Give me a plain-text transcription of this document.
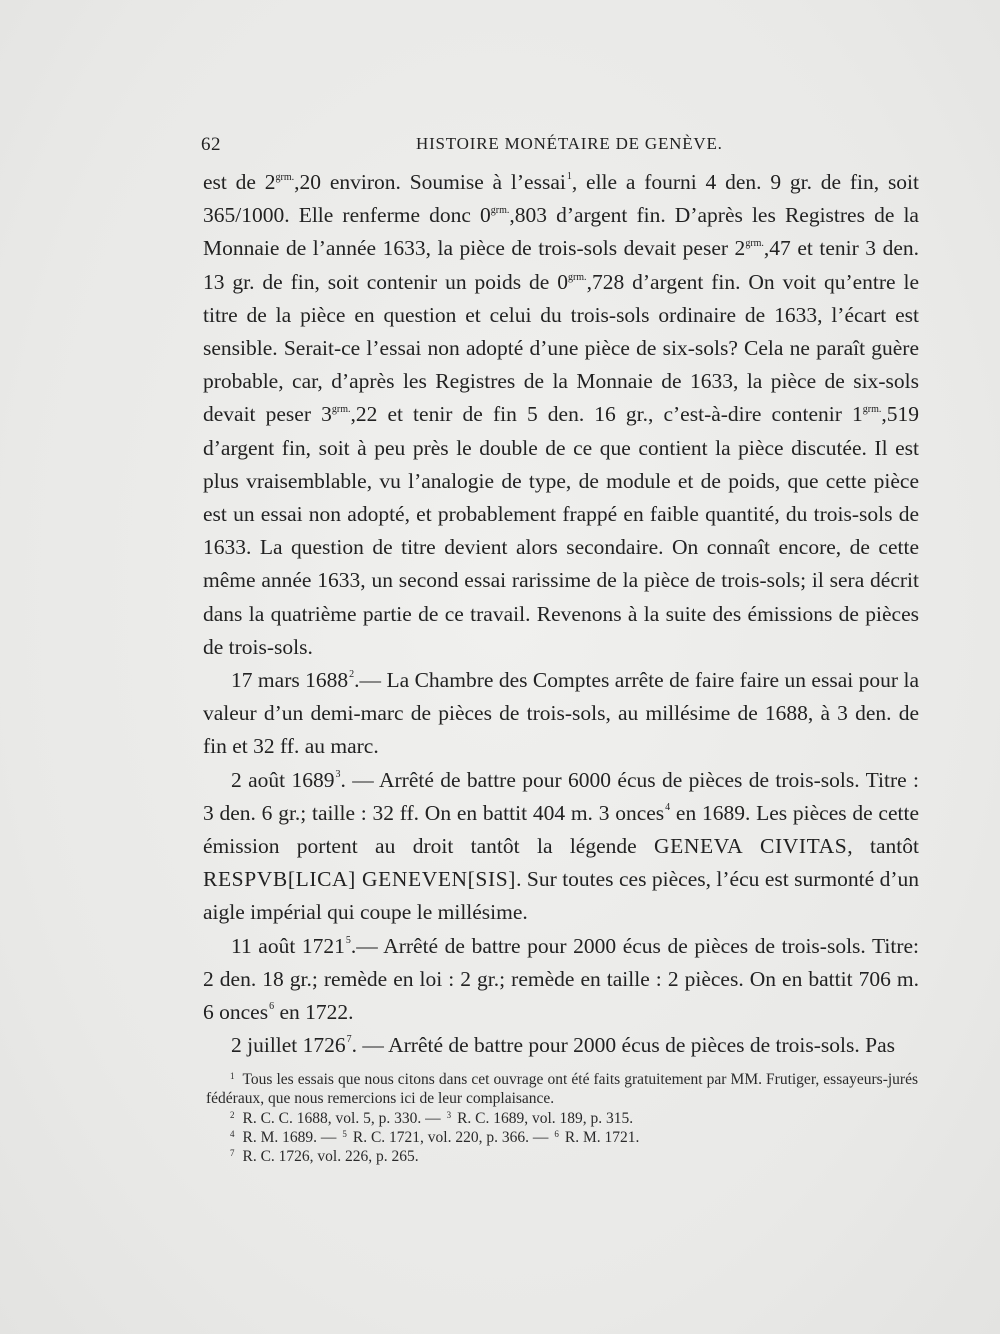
62	HISTOIRE MONÉTAIRE DE GENÈVE.

est de $2^{grm.},20$ environ. Soumise à l’essai$^1$, elle a fourni 4 den. 9 gr. de fin, soit 365/1000. Elle renferme donc $0^{grm.},803$ d’argent fin. D’après les Registres de la Monnaie de l’année 1633, la pièce de trois-sols devait peser $2^{grm.},47$ et tenir 3 den. 13 gr. de fin, soit contenir un poids de $0^{grm.},728$ d’argent fin. On voit qu’entre le titre de la pièce en question et celui du trois-sols ordinaire de 1633, l’écart est sensible. Serait-ce l’essai non adopté d’une pièce de six-sols? Cela ne paraît guère probable, car, d’après les Registres de la Monnaie de 1633, la pièce de six-sols devait peser $3^{grm.},22$ et tenir de fin 5 den. 16 gr., c’est-à-dire contenir $1^{grm.},519$ d’argent fin, soit à peu près le double de ce que contient la pièce discutée. Il est plus vraisemblable, vu l’analogie de type, de module et de poids, que cette pièce est un essai non adopté, et probablement frappé en faible quantité, du trois-sols de 1633. La question de titre devient alors secondaire. On connaît encore, de cette même année 1633, un second essai rarissime de la pièce de trois-sols; il sera décrit dans la quatrième partie de ce travail. Revenons à la suite des émissions de pièces de trois-sols.

17 mars 1688$^2$.— La Chambre des Comptes arrête de faire faire un essai pour la valeur d’un demi-marc de pièces de trois-sols, au millésime de 1688, à 3 den. de fin et 32 ff. au marc.

2 août 1689$^3$. — Arrêté de battre pour 6000 écus de pièces de trois-sols. Titre : 3 den. 6 gr.; taille : 32 ff. On en battit 404 m. 3 onces$^4$ en 1689. Les pièces de cette émission portent au droit tantôt la légende GENEVA CIVITAS, tantôt RESPVB[LICA] GENEVEN[SIS]. Sur toutes ces pièces, l’écu est surmonté d’un aigle impérial qui coupe le millésime.

11 août 1721$^5$.— Arrêté de battre pour 2000 écus de pièces de trois-sols. Titre: 2 den. 18 gr.; remède en loi : 2 gr.; remède en taille : 2 pièces. On en battit 706 m. 6 onces$^6$ en 1722.

2 juillet 1726$^7$. — Arrêté de battre pour 2000 écus de pièces de trois-sols. Pas

$^1$ Tous les essais que nous citons dans cet ouvrage ont été faits gratuitement par MM. Frutiger, essayeurs-jurés fédéraux, que nous remercions ici de leur complaisance.

$^2$ R. C. C. 1688, vol. 5, p. 330. — $^3$ R. C. 1689, vol. 189, p. 315.

$^4$ R. M. 1689. — $^5$ R. C. 1721, vol. 220, p. 366. — $^6$ R. M. 1721.

$^7$ R. C. 1726, vol. 226, p. 265.
